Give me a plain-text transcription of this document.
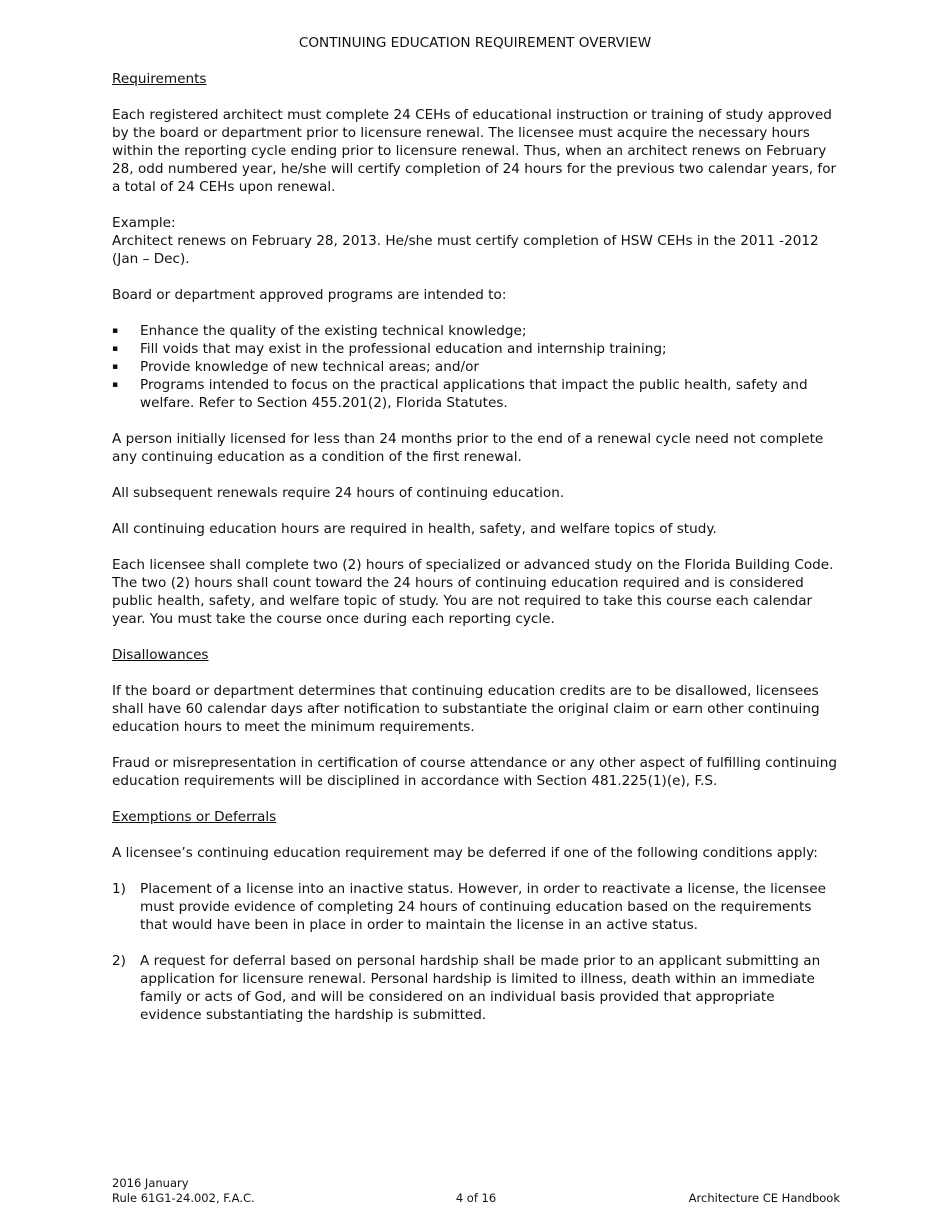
CONTINUING EDUCATION REQUIREMENT OVERVIEW

Requirements

Each registered architect must complete 24 CEHs of educational instruction or training of study approved by the board or department prior to licensure renewal. The licensee must acquire the necessary hours within the reporting cycle ending prior to licensure renewal. Thus, when an architect renews on February 28, odd numbered year, he/she will certify completion of 24 hours for the previous two calendar years, for a total of 24 CEHs upon renewal.

Example:

Architect renews on February 28, 2013. He/she must certify completion of HSW CEHs in the 2011 -2012 (Jan – Dec).

Board or department approved programs are intended to:

▪ Enhance the quality of the existing technical knowledge;
▪ Fill voids that may exist in the professional education and internship training;
▪ Provide knowledge of new technical areas; and/or
▪ Programs intended to focus on the practical applications that impact the public health, safety and welfare. Refer to Section 455.201(2), Florida Statutes.

A person initially licensed for less than 24 months prior to the end of a renewal cycle need not complete any continuing education as a condition of the first renewal.

All subsequent renewals require 24 hours of continuing education.

All continuing education hours are required in health, safety, and welfare topics of study.

Each licensee shall complete two (2) hours of specialized or advanced study on the Florida Building Code. The two (2) hours shall count toward the 24 hours of continuing education required and is considered public health, safety, and welfare topic of study. You are not required to take this course each calendar year. You must take the course once during each reporting cycle.

Disallowances

If the board or department determines that continuing education credits are to be disallowed, licensees shall have 60 calendar days after notification to substantiate the original claim or earn other continuing education hours to meet the minimum requirements.

Fraud or misrepresentation in certification of course attendance or any other aspect of fulfilling continuing education requirements will be disciplined in accordance with Section 481.225(1)(e), F.S.

Exemptions or Deferrals

A licensee’s continuing education requirement may be deferred if one of the following conditions apply:

1) Placement of a license into an inactive status. However, in order to reactivate a license, the licensee must provide evidence of completing 24 hours of continuing education based on the requirements that would have been in place in order to maintain the license in an active status.
2) A request for deferral based on personal hardship shall be made prior to an applicant submitting an application for licensure renewal. Personal hardship is limited to illness, death within an immediate family or acts of God, and will be considered on an individual basis provided that appropriate evidence substantiating the hardship is submitted.
2016 January
Rule 61G1-24.002, F.A.C.	4 of 16	Architecture CE Handbook
